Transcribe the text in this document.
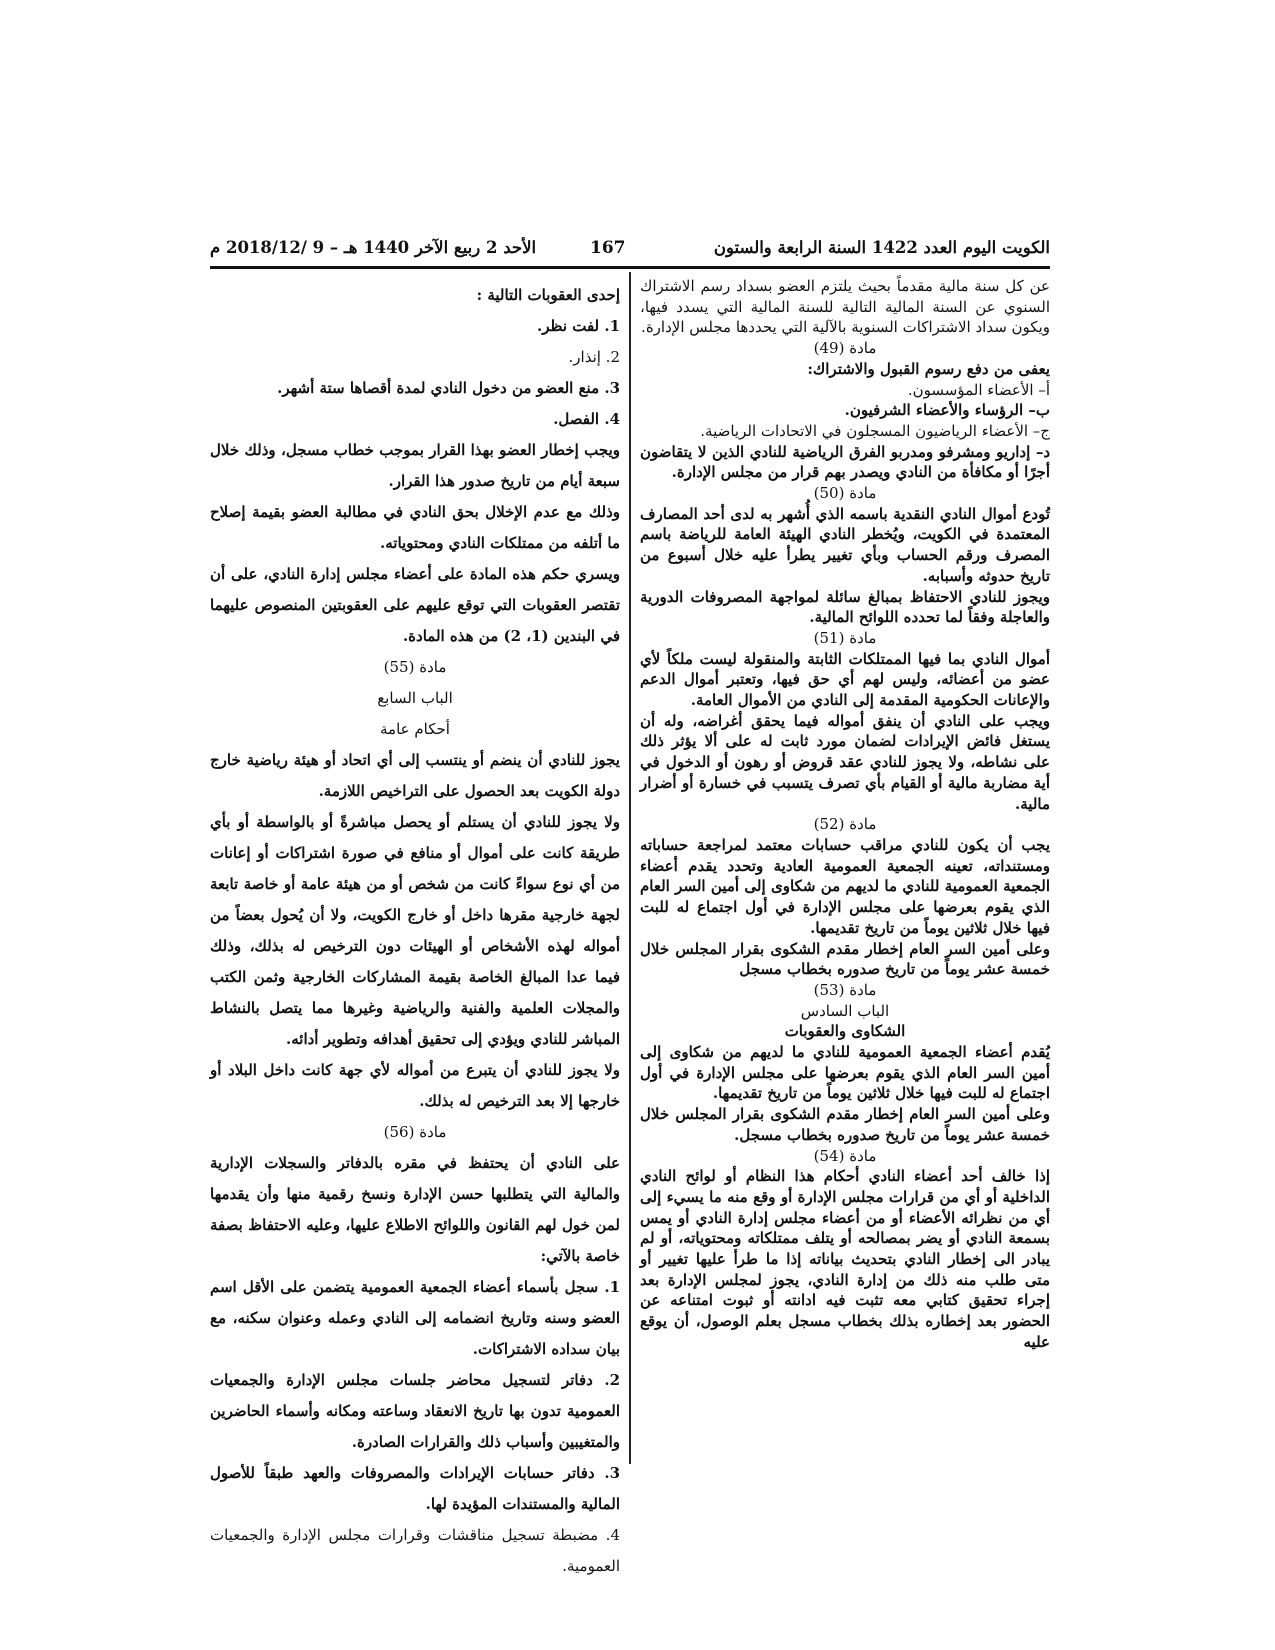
الكويت اليوم العدد 1422 السنة الرابعة والستون
167
الأحد 2 ربيع الآخر 1440 هـ – 9 /2018/12 م

عن كل سنة مالية مقدماً بحيث يلتزم العضو بسداد رسم الاشتراك السنوي عن السنة المالية التالية للسنة المالية التي يسدد فيها، ويكون سداد الاشتراكات السنوية بالآلية التي يحددها مجلس الإدارة.

مادة (49)

يعفى من دفع رسوم القبول والاشتراك:

أ– الأعضاء المؤسسون.

ب– الرؤساء والأعضاء الشرفيون.

ج– الأعضاء الرياضيون المسجلون في الاتحادات الرياضية.

د– إداريو ومشرفو ومدربو الفرق الرياضية للنادي الذين لا يتقاضون أجرًا أو مكافأة من النادي ويصدر بهم قرار من مجلس الإدارة.

مادة (50)

تُودع أموال النادي النقدية باسمه الذي أُشهر به لدى أحد المصارف المعتمدة في الكويت، ويُخطر النادي الهيئة العامة للرياضة باسم المصرف ورقم الحساب وبأي تغيير يطرأ عليه خلال أسبوع من تاريخ حدوثه وأسبابه.

ويجوز للنادي الاحتفاظ بمبالغ سائلة لمواجهة المصروفات الدورية والعاجلة وفقاً لما تحدده اللوائح المالية.

مادة (51)

أموال النادي بما فيها الممتلكات الثابتة والمنقولة ليست ملكاً لأي عضو من أعضائه، وليس لهم أي حق فيها، وتعتبر أموال الدعم والإعانات الحكومية المقدمة إلى النادي من الأموال العامة.

ويجب على النادي أن ينفق أمواله فيما يحقق أغراضه، وله أن يستغل فائض الإيرادات لضمان مورد ثابت له على ألا يؤثر ذلك على نشاطه، ولا يجوز للنادي عقد قروض أو رهون أو الدخول في أية مضاربة مالية أو القيام بأي تصرف يتسبب في خسارة أو أضرار مالية.

مادة (52)

يجب أن يكون للنادي مراقب حسابات معتمد لمراجعة حساباته ومستنداته، تعينه الجمعية العمومية العادية وتحدد يقدم أعضاء الجمعية العمومية للنادي ما لديهم من شكاوى إلى أمين السر العام الذي يقوم بعرضها على مجلس الإدارة في أول اجتماع له للبت فيها خلال ثلاثين يوماً من تاريخ تقديمها.

وعلى أمين السر العام إخطار مقدم الشكوى بقرار المجلس خلال خمسة عشر يوماً من تاريخ صدوره بخطاب مسجل

مادة (53)

الباب السادس

الشكاوى والعقوبات

يُقدم أعضاء الجمعية العمومية للنادي ما لديهم من شكاوى إلى أمين السر العام الذي يقوم بعرضها على مجلس الإدارة في أول اجتماع له للبت فيها خلال ثلاثين يوماً من تاريخ تقديمها.

وعلى أمين السر العام إخطار مقدم الشكوى بقرار المجلس خلال خمسة عشر يوماً من تاريخ صدوره بخطاب مسجل.

مادة (54)

إذا خالف أحد أعضاء النادي أحكام هذا النظام أو لوائح النادي الداخلية أو أي من قرارات مجلس الإدارة أو وقع منه ما يسيء إلى أي من نظرائه الأعضاء أو من أعضاء مجلس إدارة النادي أو يمس بسمعة النادي أو يضر بمصالحه أو يتلف ممتلكاته ومحتوياته، أو لم يبادر الى إخطار النادي بتحديث بياناته إذا ما طرأ عليها تغيير أو متى طلب منه ذلك من إدارة النادي، يجوز لمجلس الإدارة بعد إجراء تحقيق كتابي معه تثبت فيه ادانته أو ثبوت امتناعه عن الحضور بعد إخطاره بذلك بخطاب مسجل بعلم الوصول، أن يوقع عليه

إحدى العقوبات التالية :

1. لفت نظر.

2. إنذار.

3. منع العضو من دخول النادي لمدة أقصاها ستة أشهر.

4. الفصل.

ويجب إخطار العضو بهذا القرار بموجب خطاب مسجل، وذلك خلال سبعة أيام من تاريخ صدور هذا القرار.

وذلك مع عدم الإخلال بحق النادي في مطالبة العضو بقيمة إصلاح ما أتلفه من ممتلكات النادي ومحتوياته.

ويسري حكم هذه المادة على أعضاء مجلس إدارة النادي، على أن تقتصر العقوبات التي توقع عليهم على العقوبتين المنصوص عليهما في البندين (1، 2) من هذه المادة.

مادة (55)

الباب السابع

أحكام عامة

يجوز للنادي أن ينضم أو ينتسب إلى أي اتحاد أو هيئة رياضية خارج دولة الكويت بعد الحصول على التراخيص اللازمة.

ولا يجوز للنادي أن يستلم أو يحصل مباشرةً أو بالواسطة أو بأي طريقة كانت على أموال أو منافع في صورة اشتراكات أو إعانات من أي نوع سواءً كانت من شخص أو من هيئة عامة أو خاصة تابعة لجهة خارجية مقرها داخل أو خارج الكويت، ولا أن يُحول بعضاً من أمواله لهذه الأشخاص أو الهيئات دون الترخيص له بذلك، وذلك فيما عدا المبالغ الخاصة بقيمة المشاركات الخارجية وثمن الكتب والمجلات العلمية والفنية والرياضية وغيرها مما يتصل بالنشاط المباشر للنادي ويؤدي إلى تحقيق أهدافه وتطوير أدائه.

ولا يجوز للنادي أن يتبرع من أمواله لأي جهة كانت داخل البلاد أو خارجها إلا بعد الترخيص له بذلك.

مادة (56)

على النادي أن يحتفظ في مقره بالدفاتر والسجلات الإدارية والمالية التي يتطلبها حسن الإدارة ونسخ رقمية منها وأن يقدمها لمن خول لهم القانون واللوائح الاطلاع عليها، وعليه الاحتفاظ بصفة خاصة بالآتي:

1. سجل بأسماء أعضاء الجمعية العمومية يتضمن على الأقل اسم العضو وسنه وتاريخ انضمامه إلى النادي وعمله وعنوان سكنه، مع بيان سداده الاشتراكات.

2. دفاتر لتسجيل محاضر جلسات مجلس الإدارة والجمعيات العمومية تدون بها تاريخ الانعقاد وساعته ومكانه وأسماء الحاضرين والمتغيبين وأسباب ذلك والقرارات الصادرة.

3. دفاتر حسابات الإيرادات والمصروفات والعهد طبقاً للأصول المالية والمستندات المؤيدة لها.

4. مضبطة تسجيل مناقشات وقرارات مجلس الإدارة والجمعيات العمومية.
